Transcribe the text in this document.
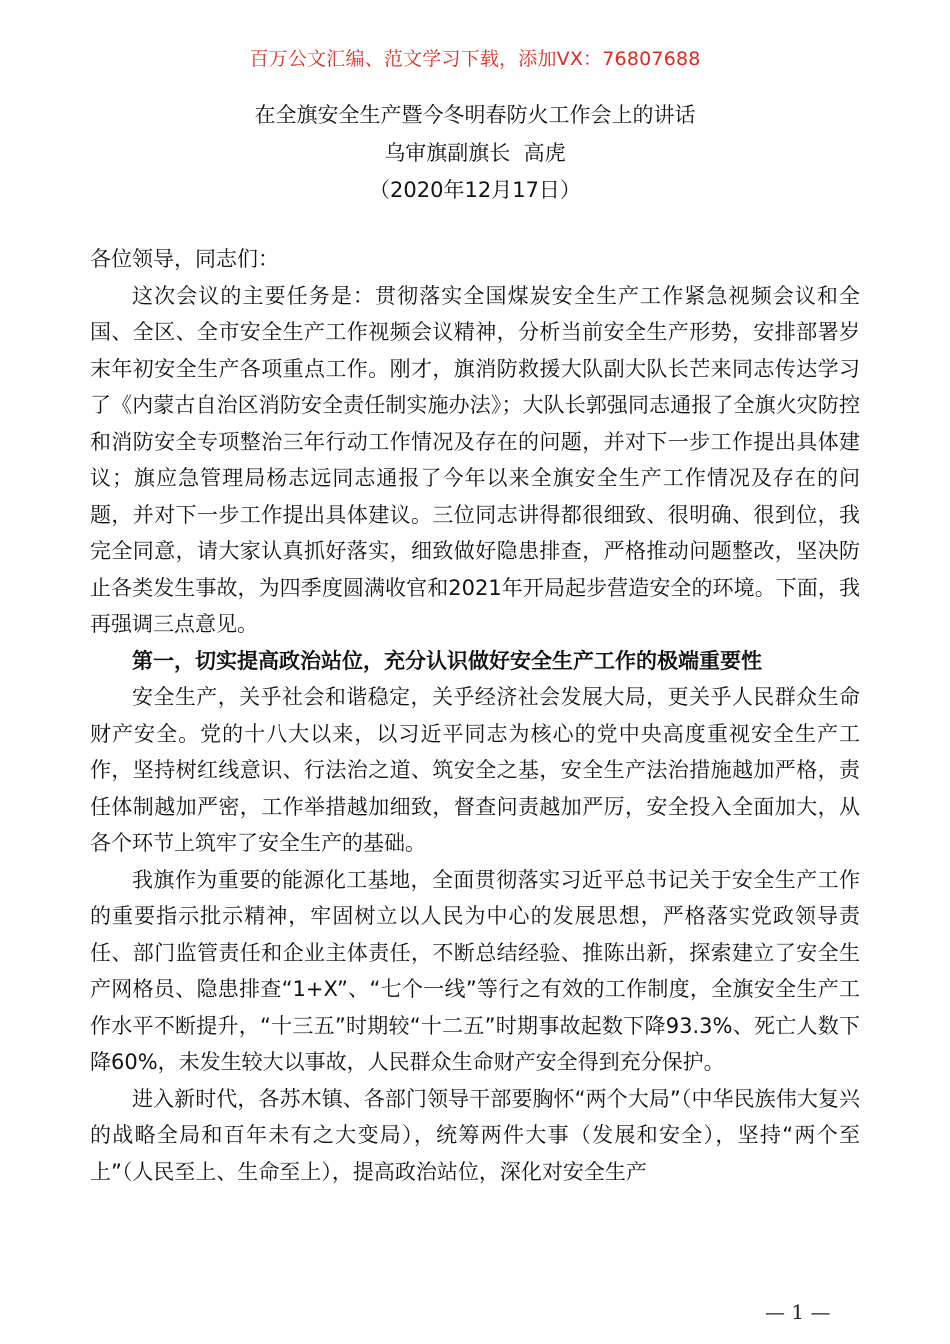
百万公文汇编、范文学习下载，添加VX：76807688
在全旗安全生产暨今冬明春防火工作会上的讲话
乌审旗副旗长  高虎
（2020年12月17日）

各位领导，同志们：

这次会议的主要任务是：贯彻落实全国煤炭安全生产工作紧急视频会议和全国、全区、全市安全生产工作视频会议精神，分析当前安全生产形势，安排部署岁末年初安全生产各项重点工作。刚才，旗消防救援大队副大队长芒来同志传达学习了《内蒙古自治区消防安全责任制实施办法》；大队长郭强同志通报了全旗火灾防控和消防安全专项整治三年行动工作情况及存在的问题，并对下一步工作提出具体建议；旗应急管理局杨志远同志通报了今年以来全旗安全生产工作情况及存在的问题，并对下一步工作提出具体建议。三位同志讲得都很细致、很明确、很到位，我完全同意，请大家认真抓好落实，细致做好隐患排查，严格推动问题整改，坚决防止各类发生事故，为四季度圆满收官和2021年开局起步营造安全的环境。下面，我再强调三点意见。

第一，切实提高政治站位，充分认识做好安全生产工作的极端重要性

安全生产，关乎社会和谐稳定，关乎经济社会发展大局，更关乎人民群众生命财产安全。党的十八大以来，以习近平同志为核心的党中央高度重视安全生产工作，坚持树红线意识、行法治之道、筑安全之基，安全生产法治措施越加严格，责任体制越加严密，工作举措越加细致，督查问责越加严厉，安全投入全面加大，从各个环节上筑牢了安全生产的基础。

我旗作为重要的能源化工基地，全面贯彻落实习近平总书记关于安全生产工作的重要指示批示精神，牢固树立以人民为中心的发展思想，严格落实党政领导责任、部门监管责任和企业主体责任，不断总结经验、推陈出新，探索建立了安全生产网格员、隐患排查“1+X”、“七个一线”等行之有效的工作制度，全旗安全生产工作水平不断提升，“十三五”时期较“十二五”时期事故起数下降93.3%、死亡人数下降60%，未发生较大以事故，人民群众生命财产安全得到充分保护。

进入新时代，各苏木镇、各部门领导干部要胸怀“两个大局”（中华民族伟大复兴的战略全局和百年未有之大变局），统筹两件大事（发展和安全），坚持“两个至上”（人民至上、生命至上），提高政治站位，深化对安全生产

— 1 —
